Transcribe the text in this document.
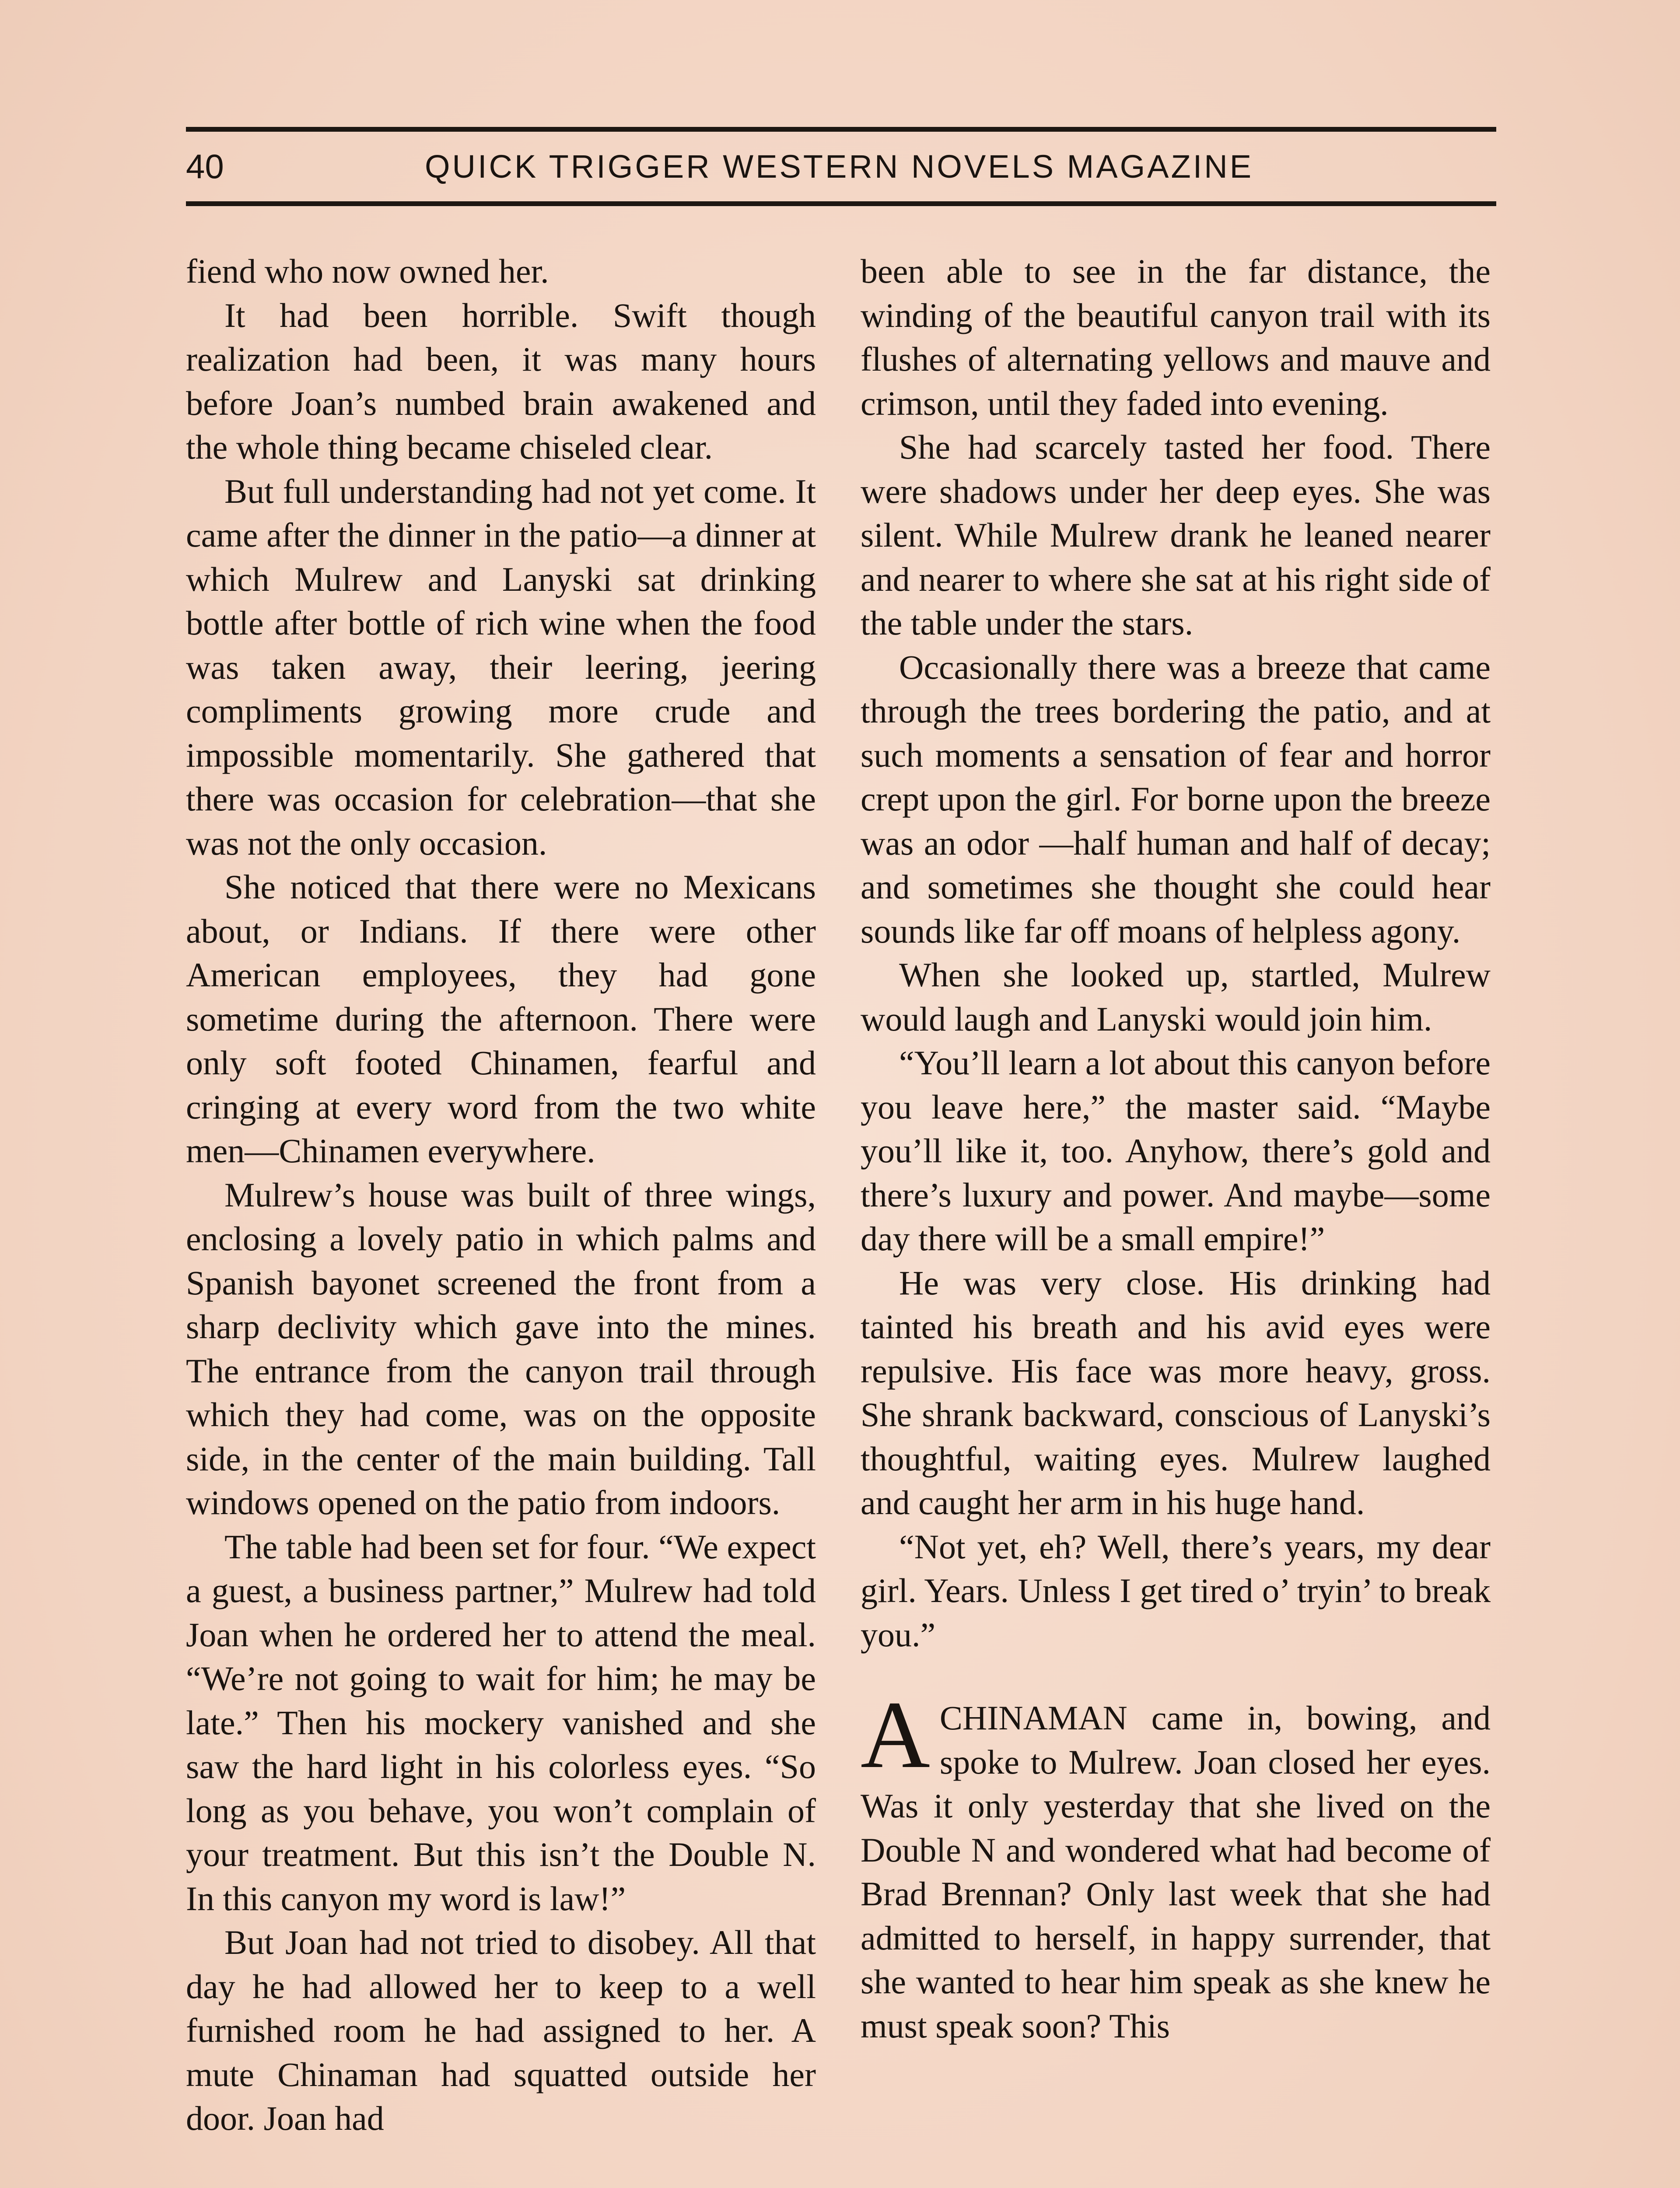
40	QUICK TRIGGER WESTERN NOVELS MAGAZINE

fiend who now owned her.

It had been horrible. Swift though realization had been, it was many hours before Joan’s numbed brain awakened and the whole thing became chiseled clear.

But full understanding had not yet come. It came after the dinner in the patio—a dinner at which Mulrew and Lanyski sat drinking bottle after bottle of rich wine when the food was taken away, their leering, jeering compliments growing more crude and impossible momentarily. She gathered that there was occasion for celebration—that she was not the only occasion.

She noticed that there were no Mexicans about, or Indians. If there were other American employees, they had gone sometime during the afternoon. There were only soft footed Chinamen, fearful and cringing at every word from the two white men—Chinamen everywhere.

Mulrew’s house was built of three wings, enclosing a lovely patio in which palms and Spanish bayonet screened the front from a sharp declivity which gave into the mines. The entrance from the canyon trail through which they had come, was on the opposite side, in the center of the main building. Tall windows opened on the patio from indoors.

The table had been set for four. “We expect a guest, a business partner,” Mulrew had told Joan when he ordered her to attend the meal. “We’re not going to wait for him; he may be late.” Then his mockery vanished and she saw the hard light in his colorless eyes. “So long as you behave, you won’t complain of your treatment. But this isn’t the Double N. In this canyon my word is law!”

But Joan had not tried to disobey. All that day he had allowed her to keep to a well furnished room he had assigned to her. A mute Chinaman had squatted outside her door. Joan had

been able to see in the far distance, the winding of the beautiful canyon trail with its flushes of alternating yellows and mauve and crimson, until they faded into evening.

She had scarcely tasted her food. There were shadows under her deep eyes. She was silent. While Mulrew drank he leaned nearer and nearer to where she sat at his right side of the table under the stars.

Occasionally there was a breeze that came through the trees bordering the patio, and at such moments a sensation of fear and horror crept upon the girl. For borne upon the breeze was an odor —half human and half of decay; and sometimes she thought she could hear sounds like far off moans of helpless agony.

When she looked up, startled, Mulrew would laugh and Lanyski would join him.

“You’ll learn a lot about this canyon before you leave here,” the master said. “Maybe you’ll like it, too. Anyhow, there’s gold and there’s luxury and power. And maybe—some day there will be a small empire!”

He was very close. His drinking had tainted his breath and his avid eyes were repulsive. His face was more heavy, gross. She shrank backward, conscious of Lanyski’s thoughtful, waiting eyes. Mulrew laughed and caught her arm in his huge hand.

“Not yet, eh? Well, there’s years, my dear girl. Years. Unless I get tired o’ tryin’ to break you.”

ACHINAMAN came in, bowing, and spoke to Mulrew. Joan closed her eyes. Was it only yesterday that she lived on the Double N and wondered what had become of Brad Brennan? Only last week that she had admitted to herself, in happy surrender, that she wanted to hear him speak as she knew he must speak soon? This
